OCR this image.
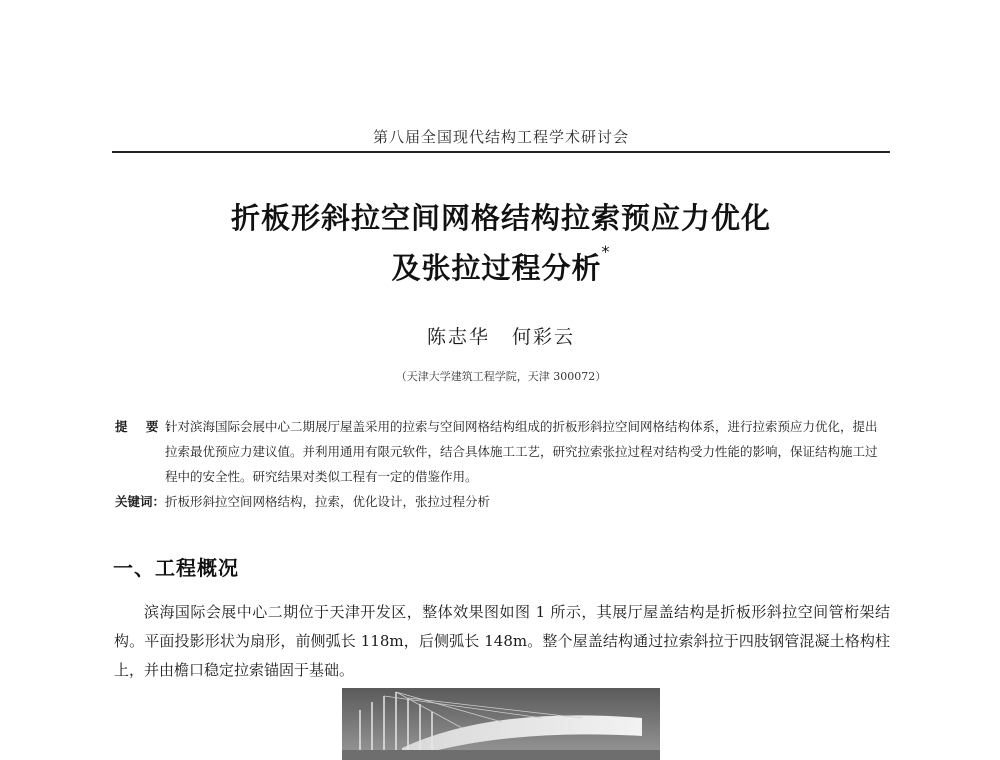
第八届全国现代结构工程学术研讨会
折板形斜拉空间网格结构拉索预应力优化
及张拉过程分析*
陈志华 何彩云
（天津大学建筑工程学院，天津 300072）
提 要：
针对滨海国际会展中心二期展厅屋盖采用的拉索与空间网格结构组成的折板形斜拉空间网格结构体系，进行拉索预应力优化，提出拉索最优预应力建议值。并利用通用有限元软件，结合具体施工工艺，研究拉索张拉过程对结构受力性能的影响，保证结构施工过程中的安全性。研究结果对类似工程有一定的借鉴作用。
关键词：折板形斜拉空间网格结构，拉索，优化设计，张拉过程分析
一、工程概况
滨海国际会展中心二期位于天津开发区，整体效果图如图 1 所示，其展厅屋盖结构是折板形斜拉空间管桁架结构。平面投影形状为扇形，前侧弧长 118m，后侧弧长 148m。整个屋盖结构通过拉索斜拉于四肢钢管混凝土格构柱上，并由檐口稳定拉索锚固于基础。
